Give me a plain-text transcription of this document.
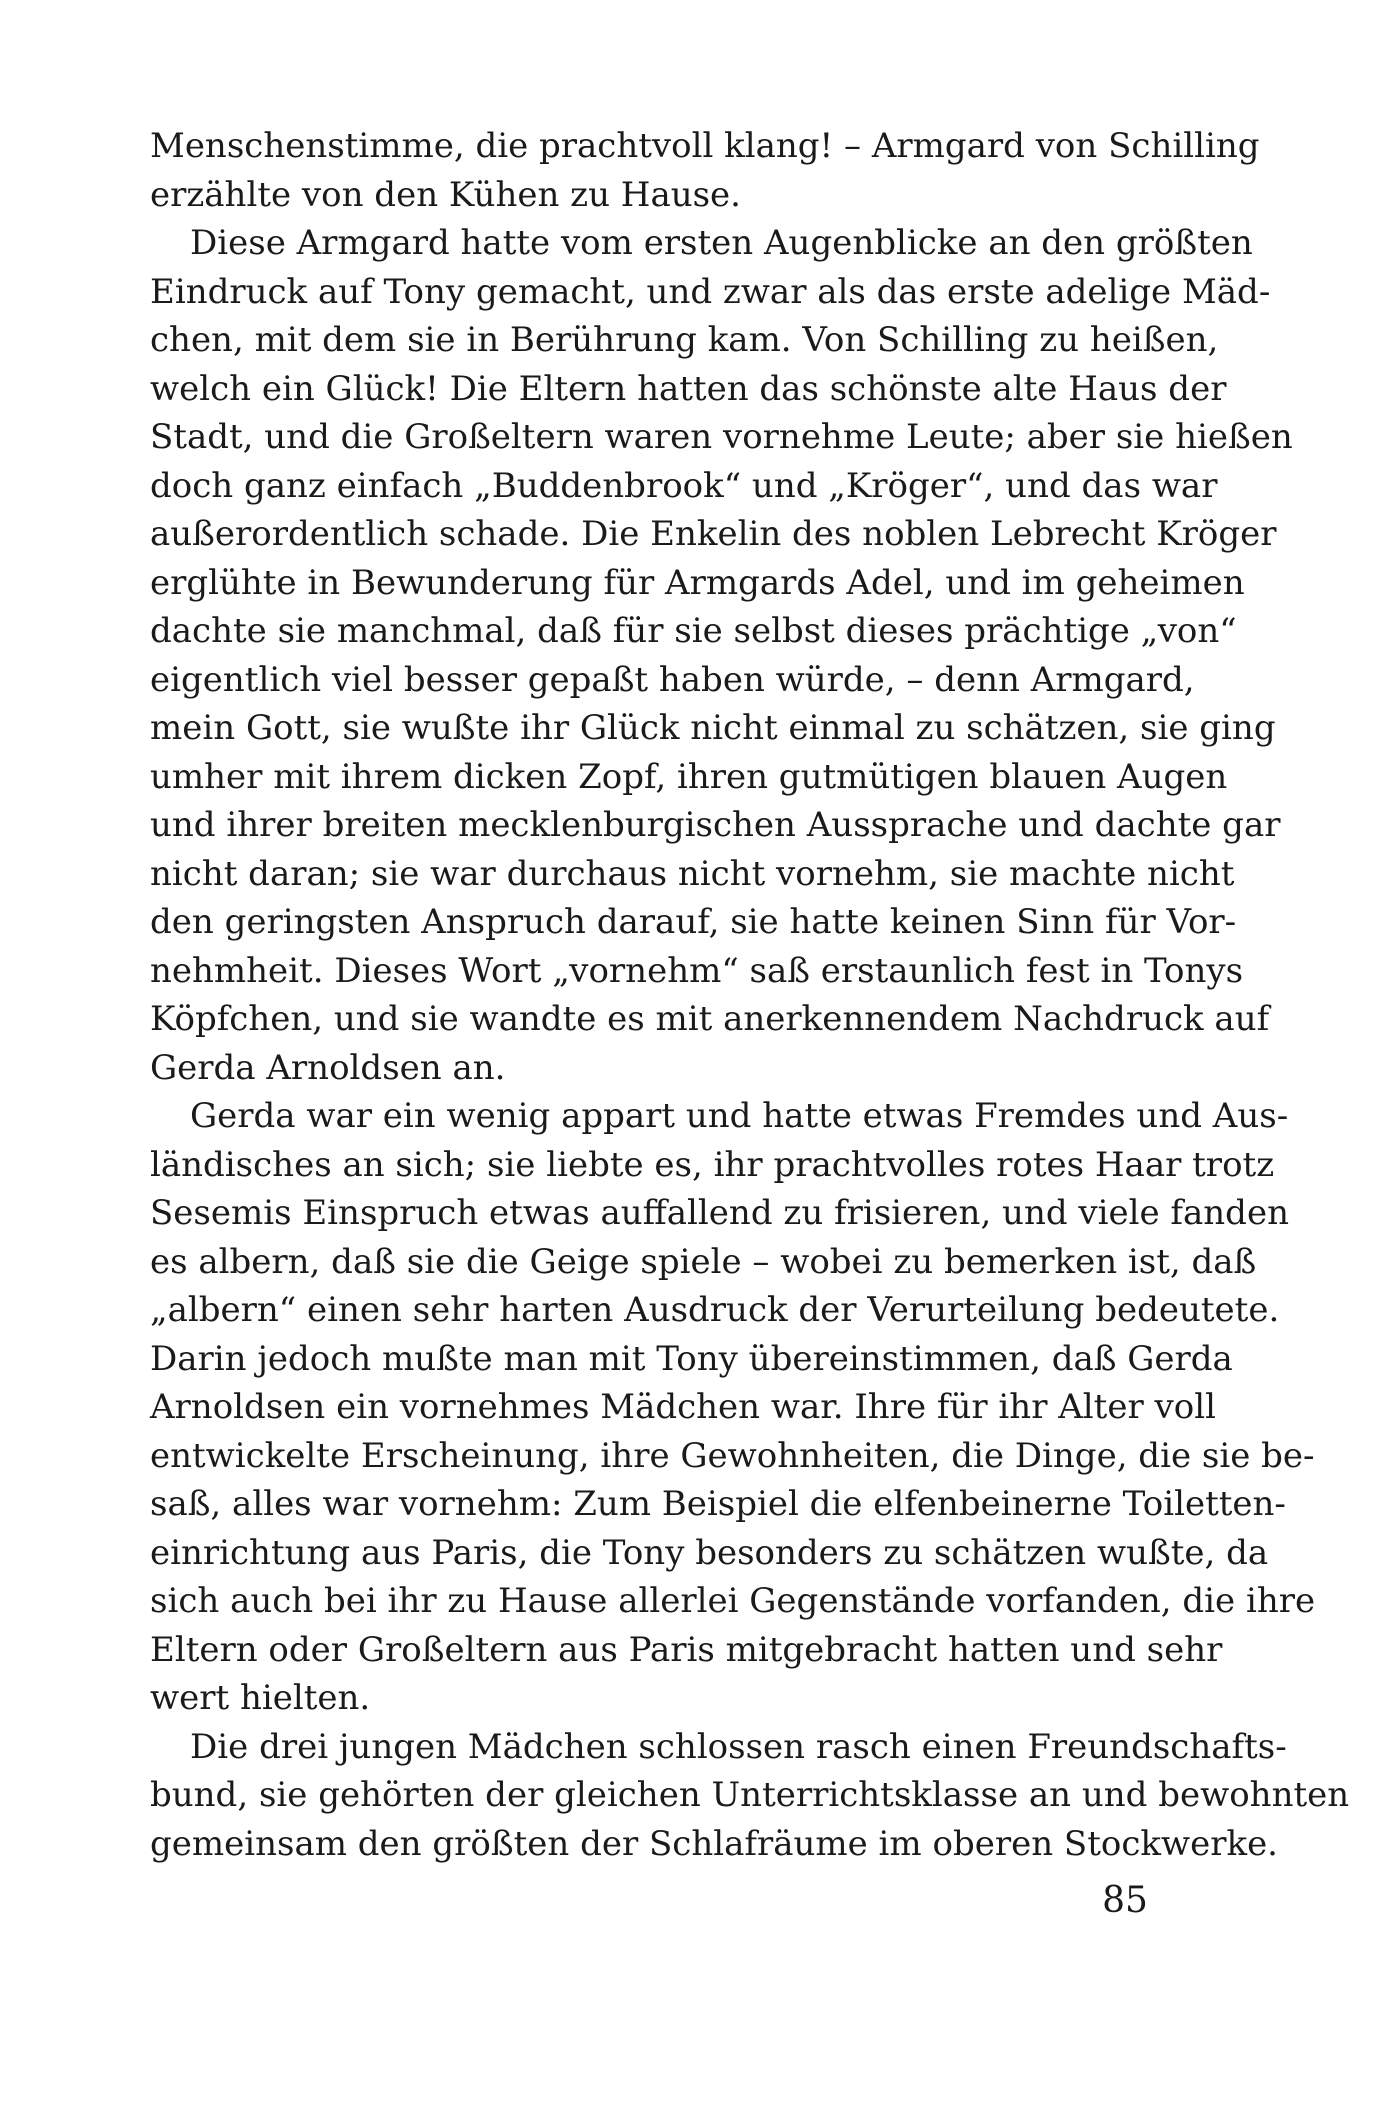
Menschenstimme, die prachtvoll klang! – Armgard von Schilling
erzählte von den Kühen zu Hause.
Diese Armgard hatte vom ersten Augenblicke an den größten
Eindruck auf Tony gemacht, und zwar als das erste adelige Mäd-
chen, mit dem sie in Berührung kam. Von Schilling zu heißen,
welch ein Glück! Die Eltern hatten das schönste alte Haus der
Stadt, und die Großeltern waren vornehme Leute; aber sie hießen
doch ganz einfach „Buddenbrook“ und „Kröger“, und das war
außerordentlich schade. Die Enkelin des noblen Lebrecht Kröger
erglühte in Bewunderung für Armgards Adel, und im geheimen
dachte sie manchmal, daß für sie selbst dieses prächtige „von“
eigentlich viel besser gepaßt haben würde, – denn Armgard,
mein Gott, sie wußte ihr Glück nicht einmal zu schätzen, sie ging
umher mit ihrem dicken Zopf, ihren gutmütigen blauen Augen
und ihrer breiten mecklenburgischen Aussprache und dachte gar
nicht daran; sie war durchaus nicht vornehm, sie machte nicht
den geringsten Anspruch darauf, sie hatte keinen Sinn für Vor-
nehmheit. Dieses Wort „vornehm“ saß erstaunlich fest in Tonys
Köpfchen, und sie wandte es mit anerkennendem Nachdruck auf
Gerda Arnoldsen an.
Gerda war ein wenig appart und hatte etwas Fremdes und Aus-
ländisches an sich; sie liebte es, ihr prachtvolles rotes Haar trotz
Sesemis Einspruch etwas auffallend zu frisieren, und viele fanden
es albern, daß sie die Geige spiele – wobei zu bemerken ist, daß
„albern“ einen sehr harten Ausdruck der Verurteilung bedeutete.
Darin jedoch mußte man mit Tony übereinstimmen, daß Gerda
Arnoldsen ein vornehmes Mädchen war. Ihre für ihr Alter voll
entwickelte Erscheinung, ihre Gewohnheiten, die Dinge, die sie be-
saß, alles war vornehm: Zum Beispiel die elfenbeinerne Toiletten-
einrichtung aus Paris, die Tony besonders zu schätzen wußte, da
sich auch bei ihr zu Hause allerlei Gegenstände vorfanden, die ihre
Eltern oder Großeltern aus Paris mitgebracht hatten und sehr
wert hielten.
Die drei jungen Mädchen schlossen rasch einen Freundschafts-
bund, sie gehörten der gleichen Unterrichtsklasse an und bewohnten
gemeinsam den größten der Schlafräume im oberen Stockwerke.
85
